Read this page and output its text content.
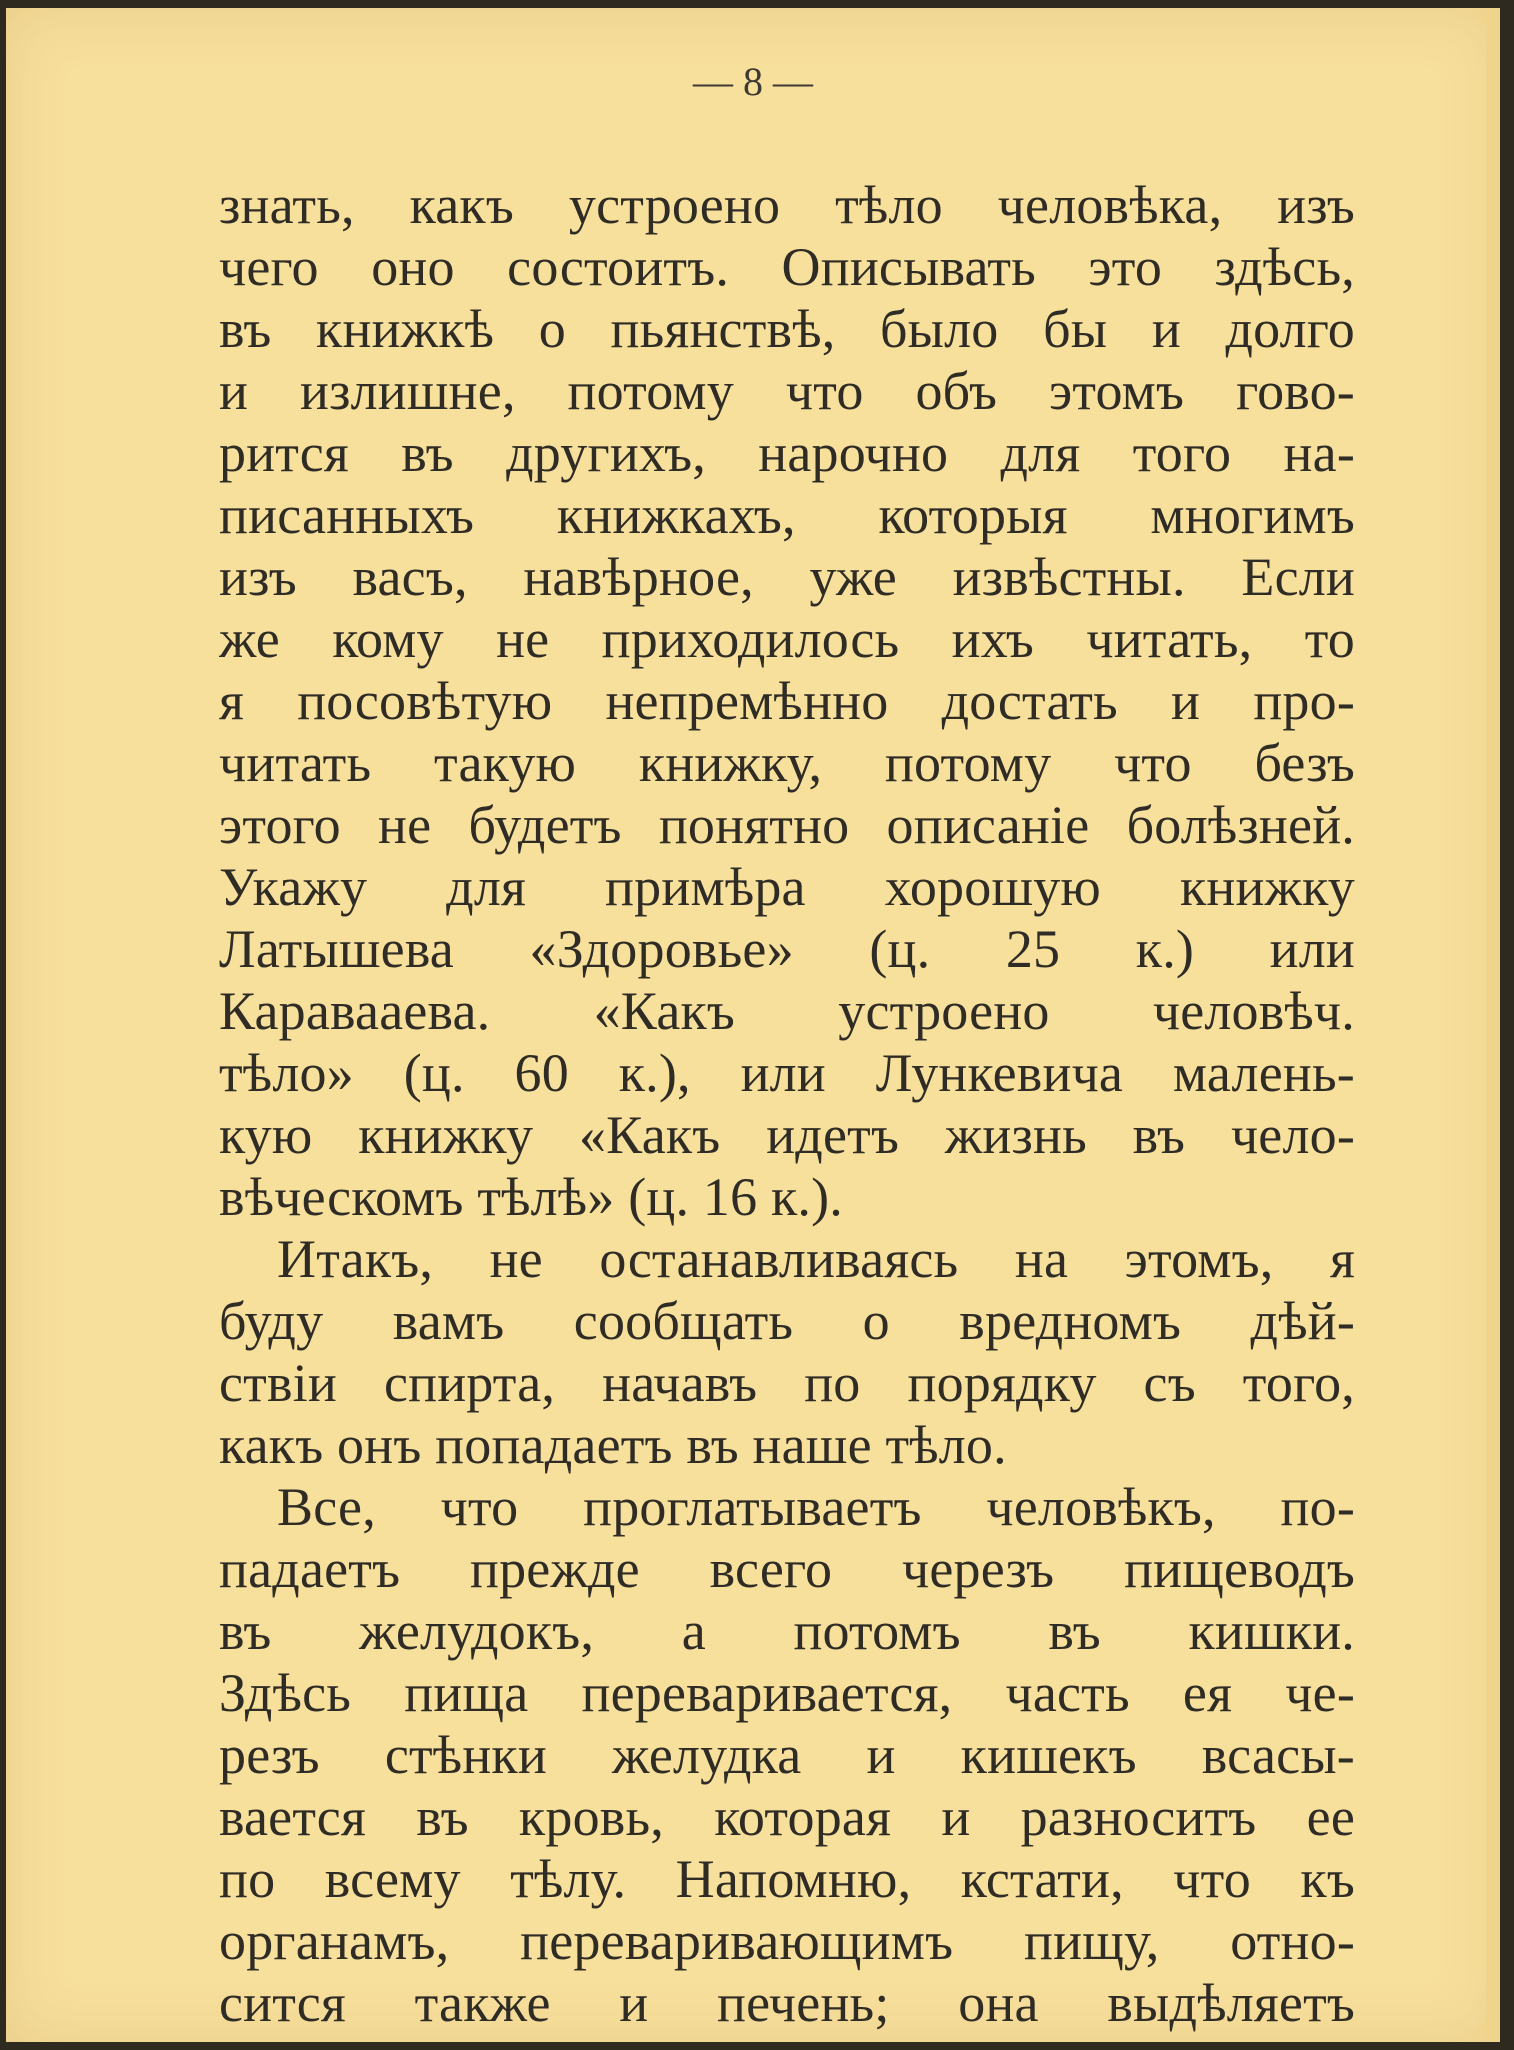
— 8 —
знать, какъ устроено тѣло человѣка, изъ
чего оно состоитъ. Описывать это здѣсь,
въ книжкѣ о пьянствѣ, было бы и долго
и излишне, потому что объ этомъ гово-
рится въ другихъ, нарочно для того на-
писанныхъ книжкахъ, которыя многимъ
изъ васъ, навѣрное, уже извѣстны. Если
же кому не приходилось ихъ читать, то
я посовѣтую непремѣнно достать и про-
читать такую книжку, потому что безъ
этого не будетъ понятно описанiе болѣзней.
Укажу для примѣра хорошую книжку
Латышева «Здоровье» (ц. 25 к.) или
Каравааева. «Какъ устроено человѣч.
тѣло» (ц. 60 к.), или Лункевича малень-
кую книжку «Какъ идетъ жизнь въ чело-
вѣческомъ тѣлѣ» (ц. 16 к.).
Итакъ, не останавливаясь на этомъ, я
буду вамъ сообщать о вредномъ дѣй-
ствiи спирта, начавъ по порядку съ того,
какъ онъ попадаетъ въ наше тѣло.
Все, что проглатываетъ человѣкъ, по-
падаетъ прежде всего черезъ пищеводъ
въ желудокъ, а потомъ въ кишки.
Здѣсь пища переваривается, часть ея че-
резъ стѣнки желудка и кишекъ всасы-
вается въ кровь, которая и разноситъ ее
по всему тѣлу. Напомню, кстати, что къ
органамъ, переваривающимъ пищу, отно-
сится также и печень; она выдѣляетъ
